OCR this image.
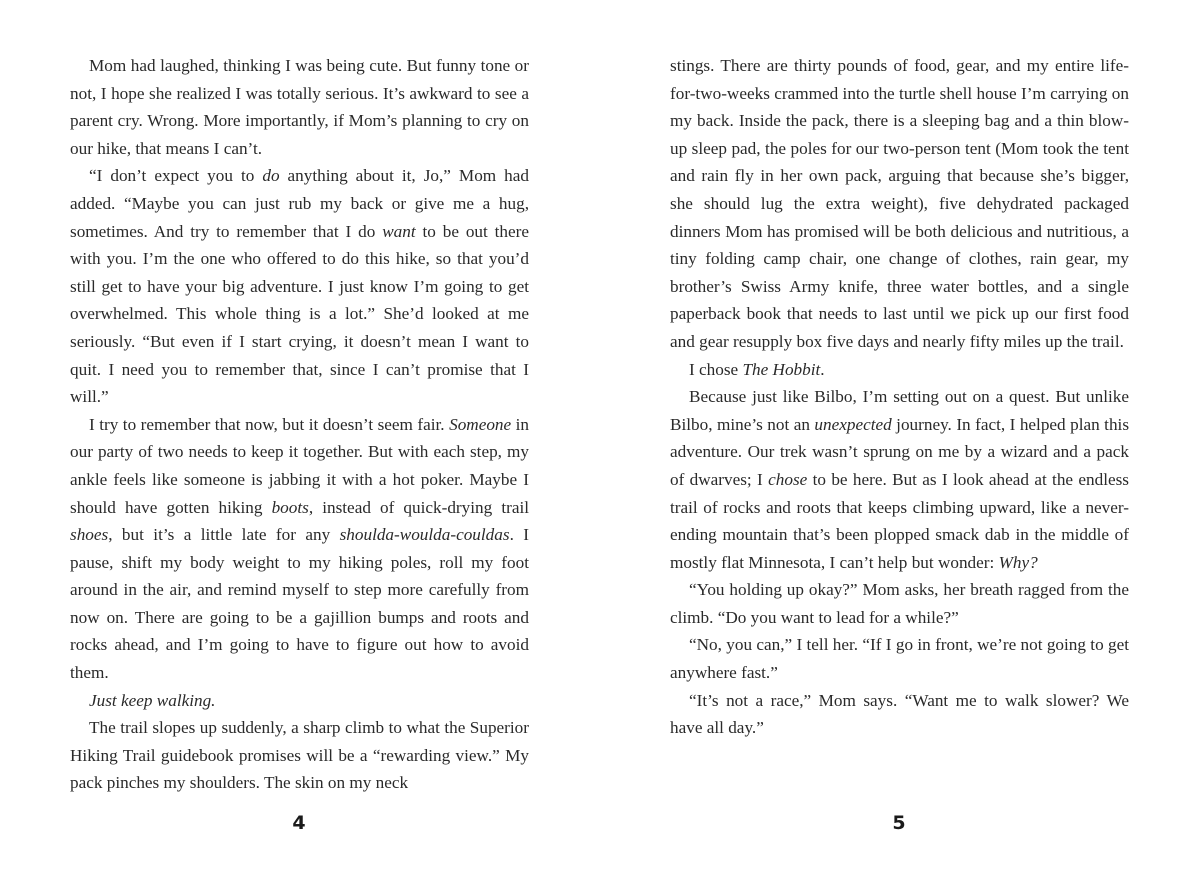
Mom had laughed, thinking I was being cute. But funny tone or not, I hope she realized I was totally serious. It’s awkward to see a parent cry. Wrong. More importantly, if Mom’s planning to cry on our hike, that means I can’t.

“I don’t expect you to do anything about it, Jo,” Mom had added. “Maybe you can just rub my back or give me a hug, sometimes. And try to remember that I do want to be out there with you. I’m the one who offered to do this hike, so that you’d still get to have your big adventure. I just know I’m going to get overwhelmed. This whole thing is a lot.” She’d looked at me seriously. “But even if I start crying, it doesn’t mean I want to quit. I need you to remember that, since I can’t promise that I will.”

I try to remember that now, but it doesn’t seem fair. Someone in our party of two needs to keep it together. But with each step, my ankle feels like someone is jabbing it with a hot poker. Maybe I should have gotten hiking boots, instead of quick-drying trail shoes, but it’s a little late for any shoulda-woulda-couldas. I pause, shift my body weight to my hiking poles, roll my foot around in the air, and remind myself to step more carefully from now on. There are going to be a gajillion bumps and roots and rocks ahead, and I’m going to have to figure out how to avoid them.

Just keep walking.

The trail slopes up suddenly, a sharp climb to what the Superior Hiking Trail guidebook promises will be a “rewarding view.” My pack pinches my shoulders. The skin on my neck

stings. There are thirty pounds of food, gear, and my entire life-for-two-weeks crammed into the turtle shell house I’m carrying on my back. Inside the pack, there is a sleeping bag and a thin blow-up sleep pad, the poles for our two-person tent (Mom took the tent and rain fly in her own pack, arguing that because she’s bigger, she should lug the extra weight), five dehydrated packaged dinners Mom has promised will be both delicious and nutritious, a tiny folding camp chair, one change of clothes, rain gear, my brother’s Swiss Army knife, three water bottles, and a single paperback book that needs to last until we pick up our first food and gear resupply box five days and nearly fifty miles up the trail.

I chose The Hobbit.

Because just like Bilbo, I’m setting out on a quest. But unlike Bilbo, mine’s not an unexpected journey. In fact, I helped plan this adventure. Our trek wasn’t sprung on me by a wizard and a pack of dwarves; I chose to be here. But as I look ahead at the endless trail of rocks and roots that keeps climbing upward, like a never-ending mountain that’s been plopped smack dab in the middle of mostly flat Minnesota, I can’t help but wonder: Why?

“You holding up okay?” Mom asks, her breath ragged from the climb. “Do you want to lead for a while?”

“No, you can,” I tell her. “If I go in front, we’re not going to get anywhere fast.”

“It’s not a race,” Mom says. “Want me to walk slower? We have all day.”

4	5
